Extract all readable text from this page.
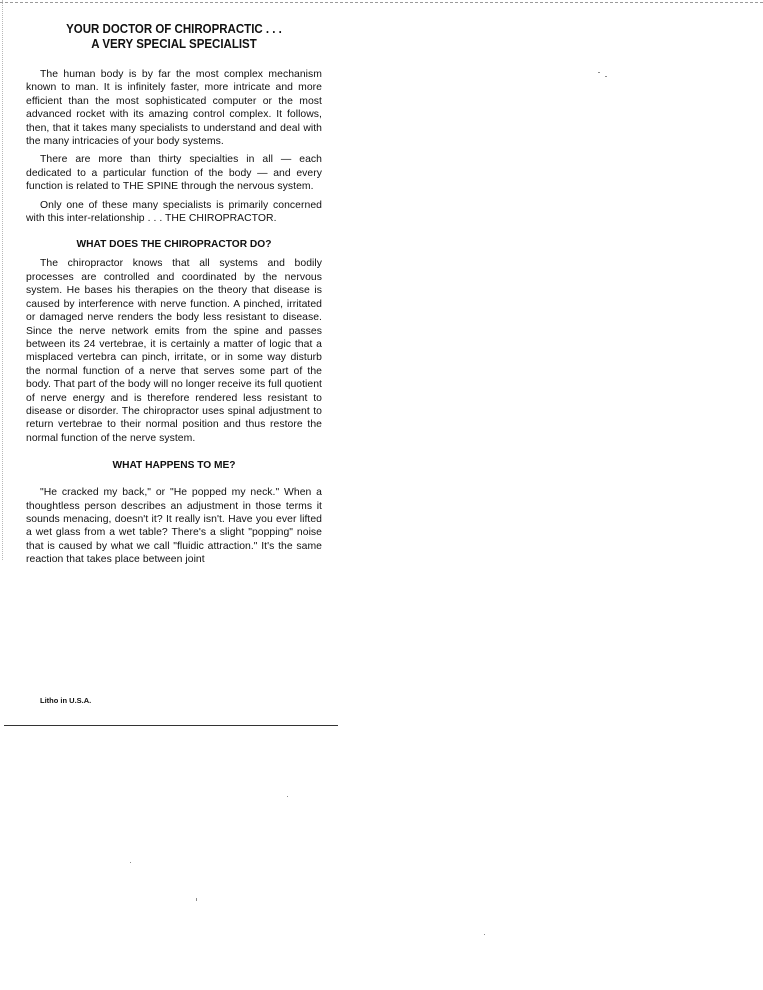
YOUR DOCTOR OF CHIROPRACTIC . . .
A VERY SPECIAL SPECIALIST

The human body is by far the most complex mechanism known to man. It is infinitely faster, more intricate and more efficient than the most sophisticated computer or the most advanced rocket with its amazing control complex. It follows, then, that it takes many specialists to understand and deal with the many intricacies of your body systems.

There are more than thirty specialties in all — each dedicated to a particular function of the body — and every function is related to THE SPINE through the nervous system.

Only one of these many specialists is primarily concerned with this inter-relationship . . . THE CHIROPRACTOR.

WHAT DOES THE CHIROPRACTOR DO?

The chiropractor knows that all systems and bodily processes are controlled and coordinated by the nervous system. He bases his therapies on the theory that disease is caused by interference with nerve function. A pinched, irritated or damaged nerve renders the body less resistant to disease. Since the nerve network emits from the spine and passes between its 24 vertebrae, it is certainly a matter of logic that a misplaced vertebra can pinch, irritate, or in some way disturb the normal function of a nerve that serves some part of the body. That part of the body will no longer receive its full quotient of nerve energy and is therefore rendered less resistant to disease or disorder. The chiropractor uses spinal adjustment to return vertebrae to their normal position and thus restore the normal function of the nerve system.

WHAT HAPPENS TO ME?

"He cracked my back," or "He popped my neck." When a thoughtless person describes an adjustment in those terms it sounds menacing, doesn't it? It really isn't. Have you ever lifted a wet glass from a wet table? There's a slight "popping" noise that is caused by what we call "fluidic attraction." It's the same reaction that takes place between joint

Litho in U.S.A.
